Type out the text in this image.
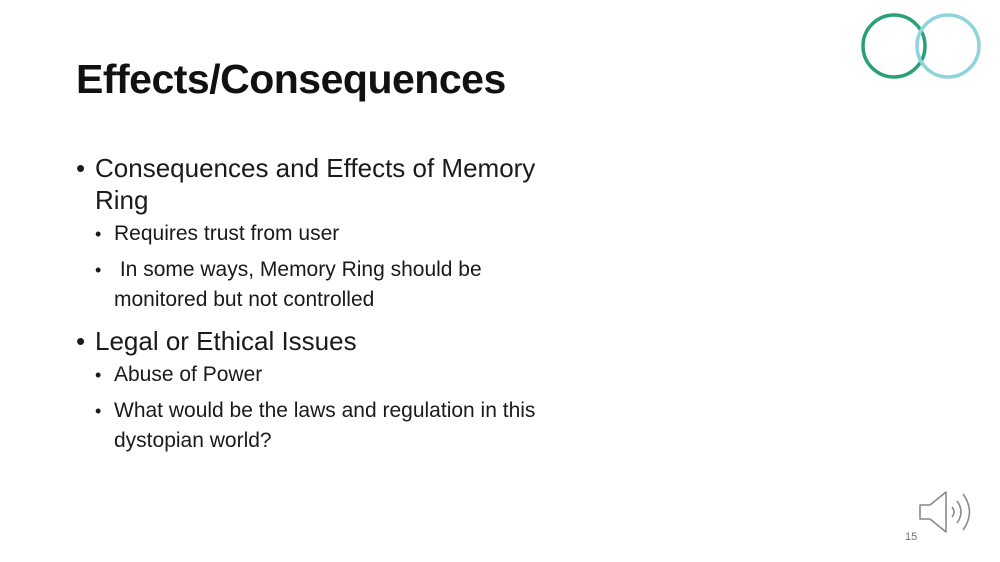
Effects/Consequences
• Consequences and Effects of Memory Ring
• Requires trust from user
•  In some ways, Memory Ring should be monitored but not controlled
• Legal or Ethical Issues
• Abuse of Power
• What would be the laws and regulation in this dystopian world?
15
